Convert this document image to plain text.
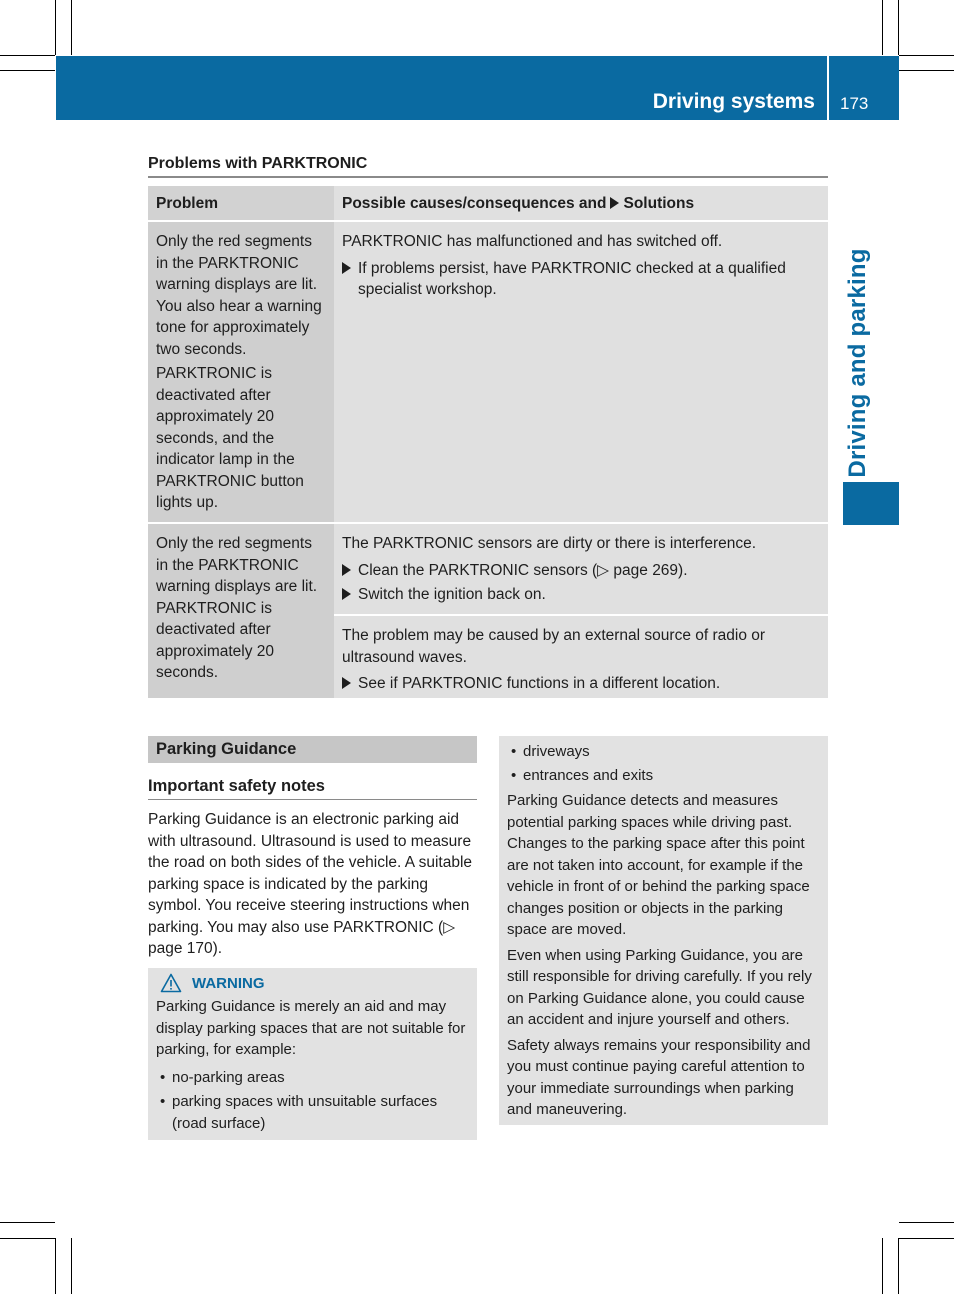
Driving systems 173
Driving and parking
Problems with PARKTRONIC
Problem	Possible causes/consequences and Solutions

Only the red segments in the PARKTRONIC warning displays are lit. You also hear a warning tone for approximately two seconds.

PARKTRONIC is deactivated after approximately 20 seconds, and the indicator lamp in the PARKTRONIC button lights up.

PARKTRONIC has malfunctioned and has switched off.

If problems persist, have PARKTRONIC checked at a qualified specialist workshop.

Only the red segments in the PARKTRONIC warning displays are lit. PARKTRONIC is deactivated after approximately 20 seconds.

The PARKTRONIC sensors are dirty or there is interference.

Clean the PARKTRONIC sensors (▷ page 269).
Switch the ignition back on.

The problem may be caused by an external source of radio or ultrasound waves.

See if PARKTRONIC functions in a different location.
Parking Guidance
Important safety notes

Parking Guidance is an electronic parking aid with ultrasound. Ultrasound is used to measure the road on both sides of the vehicle. A suitable parking space is indicated by the parking symbol. You receive steering instructions when parking. You may also use PARKTRONIC (▷ page 170).

WARNING

Parking Guidance is merely an aid and may display parking spaces that are not suitable for parking, for example:

• no-parking areas
• parking spaces with unsuitable surfaces (road surface)
• driveways
• entrances and exits

Parking Guidance detects and measures potential parking spaces while driving past. Changes to the parking space after this point are not taken into account, for example if the vehicle in front of or behind the parking space changes position or objects in the parking space are moved.

Even when using Parking Guidance, you are still responsible for driving carefully. If you rely on Parking Guidance alone, you could cause an accident and injure yourself and others.

Safety always remains your responsibility and you must continue paying careful attention to your immediate surroundings when parking and maneuvering.
